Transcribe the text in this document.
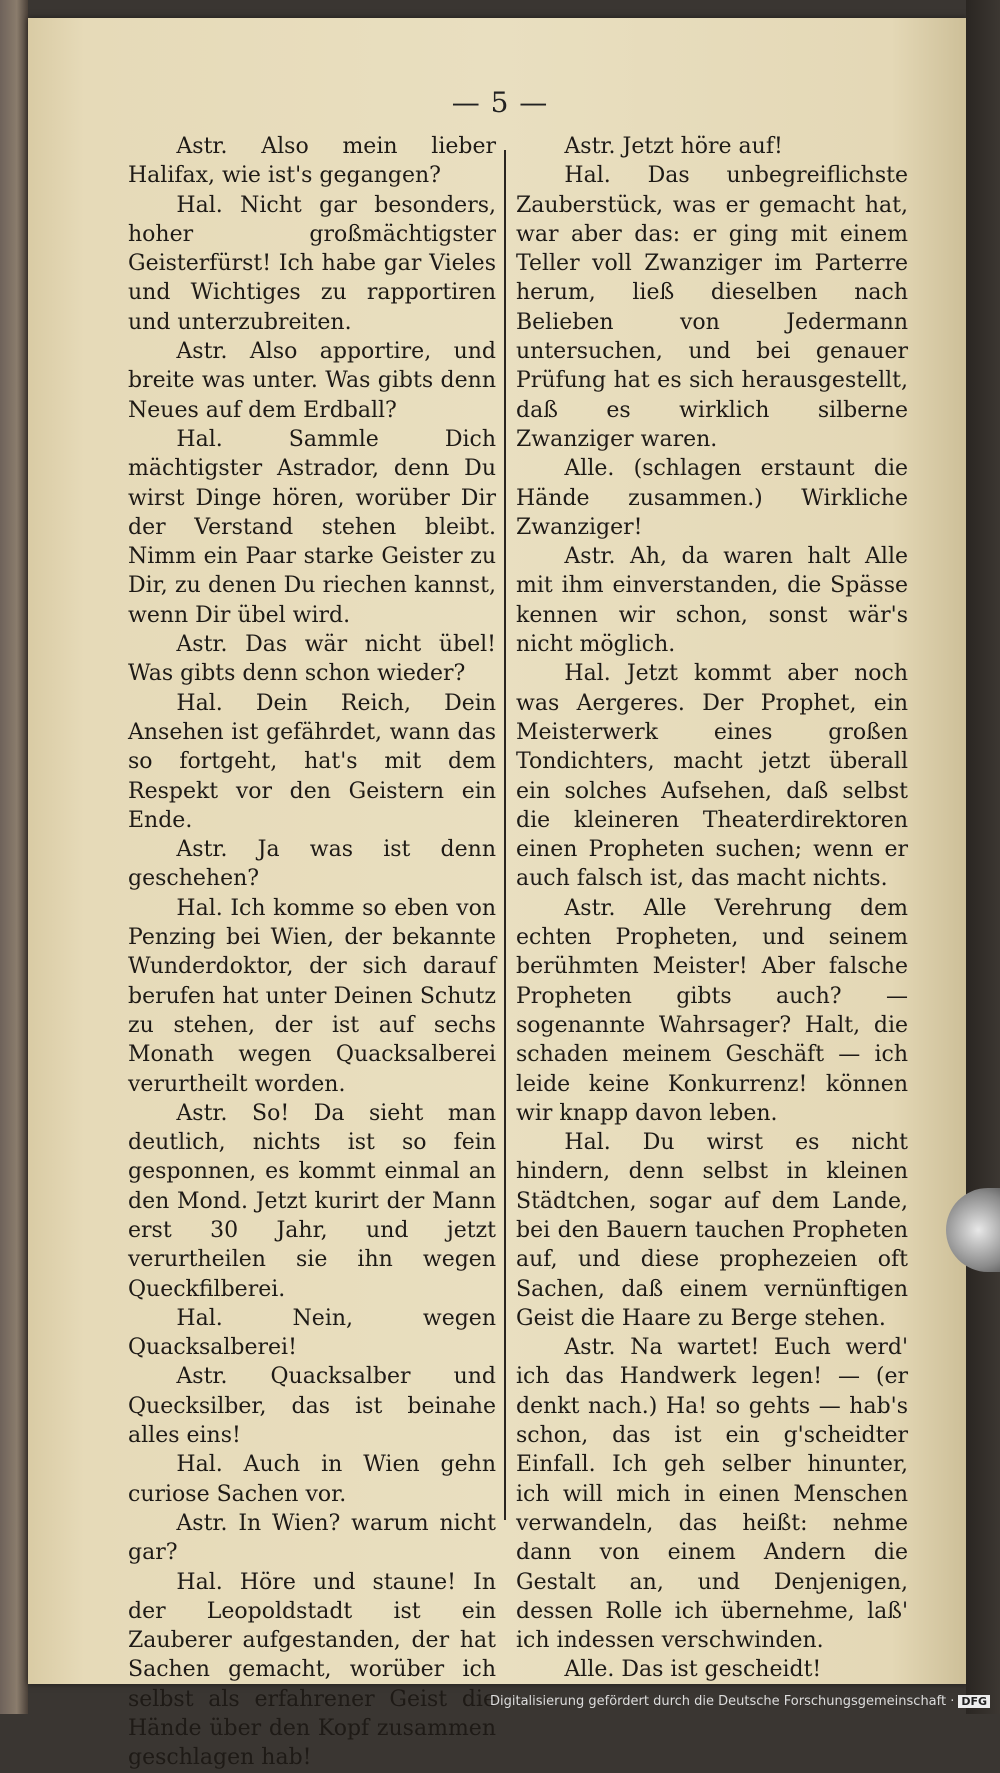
— 5 —

Astr. Also mein lieber Halifax, wie ist's gegangen?

Hal. Nicht gar besonders, hoher großmächtigster Geisterfürst! Ich habe gar Vieles und Wichtiges zu rapportiren und unterzubreiten.

Astr. Also apportire, und breite was unter. Was gibts denn Neues auf dem Erdball?

Hal. Sammle Dich mächtigster Astrador, denn Du wirst Dinge hören, worüber Dir der Verstand stehen bleibt. Nimm ein Paar starke Geister zu Dir, zu denen Du riechen kannst, wenn Dir übel wird.

Astr. Das wär nicht übel! Was gibts denn schon wieder?

Hal. Dein Reich, Dein Ansehen ist gefährdet, wann das so fortgeht, hat's mit dem Respekt vor den Geistern ein Ende.

Astr. Ja was ist denn geschehen?

Hal. Ich komme so eben von Penzing bei Wien, der bekannte Wunderdoktor, der sich darauf berufen hat unter Deinen Schutz zu stehen, der ist auf sechs Monath wegen Quacksalberei verurtheilt worden.

Astr. So! Da sieht man deutlich, nichts ist so fein gesponnen, es kommt einmal an den Mond. Jetzt kurirt der Mann erst 30 Jahr, und jetzt verurtheilen sie ihn wegen Queckfilberei.

Hal. Nein, wegen Quacksalberei!

Astr. Quacksalber und Quecksilber, das ist beinahe alles eins!

Hal. Auch in Wien gehn curiose Sachen vor.

Astr. In Wien? warum nicht gar?

Hal. Höre und staune! In der Leopoldstadt ist ein Zauberer aufgestanden, der hat Sachen gemacht, worüber ich selbst als erfahrener Geist die Hände über den Kopf zusammen geschlagen hab!

Astr. Jetzt höre auf!

Hal. Das unbegreiflichste Zauberstück, was er gemacht hat, war aber das: er ging mit einem Teller voll Zwanziger im Parterre herum, ließ dieselben nach Belieben von Jedermann untersuchen, und bei genauer Prüfung hat es sich herausgestellt, daß es wirklich silberne Zwanziger waren.

Alle. (schlagen erstaunt die Hände zusammen.) Wirkliche Zwanziger!

Astr. Ah, da waren halt Alle mit ihm einverstanden, die Spässe kennen wir schon, sonst wär's nicht möglich.

Hal. Jetzt kommt aber noch was Aergeres. Der Prophet, ein Meisterwerk eines großen Tondichters, macht jetzt überall ein solches Aufsehen, daß selbst die kleineren Theaterdirektoren einen Propheten suchen; wenn er auch falsch ist, das macht nichts.

Astr. Alle Verehrung dem echten Propheten, und seinem berühmten Meister! Aber falsche Propheten gibts auch? — sogenannte Wahrsager? Halt, die schaden meinem Geschäft — ich leide keine Konkurrenz! können wir knapp davon leben.

Hal. Du wirst es nicht hindern, denn selbst in kleinen Städtchen, sogar auf dem Lande, bei den Bauern tauchen Propheten auf, und diese prophezeien oft Sachen, daß einem vernünftigen Geist die Haare zu Berge stehen.

Astr. Na wartet! Euch werd' ich das Handwerk legen! — (er denkt nach.) Ha! so gehts — hab's schon, das ist ein g'scheidter Einfall. Ich geh selber hinunter, ich will mich in einen Menschen verwandeln, das heißt: nehme dann von einem Andern die Gestalt an, und Denjenigen, dessen Rolle ich übernehme, laß' ich indessen verschwinden.

Alle. Das ist gescheidt!

Digitalisierung gefördert durch die Deutsche Forschungsgemeinschaft · DFG
